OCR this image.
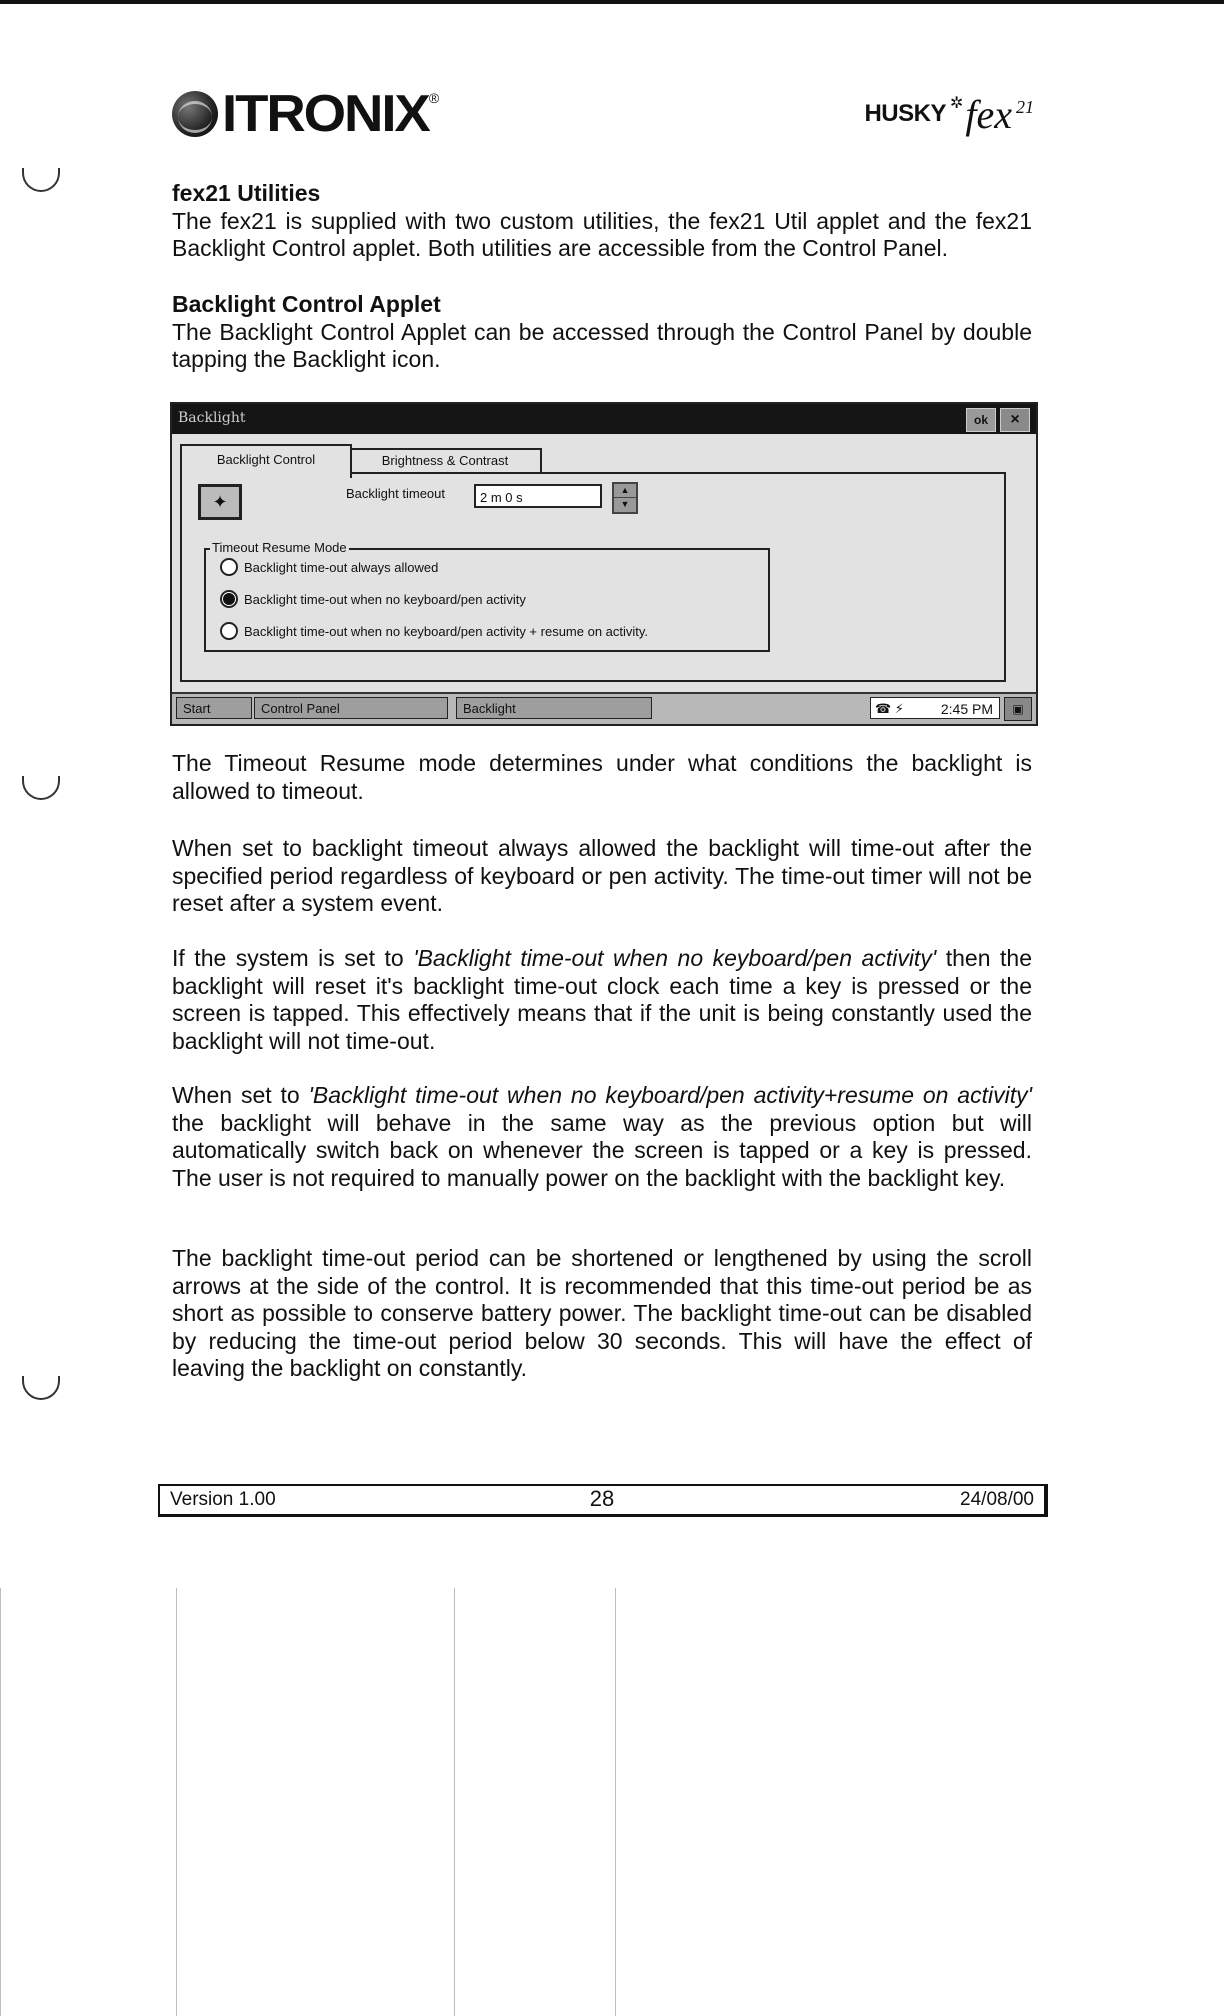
ITRONIX ®
HUSKY ✲ fex 21
fex21 Utilities

The fex21 is supplied with two custom utilities, the fex21 Util applet and the fex21 Backlight Control applet. Both utilities are accessible from the Control Panel.

Backlight Control Applet

The Backlight Control Applet can be accessed through the Control Panel by double tapping the Backlight icon.

Backlight	ok	×
Backlight Control	Brightness & Contrast
✦	Backlight timeout	2 m 0 s	▲
▼
Timeout Resume Mode
Backlight time-out always allowed
Backlight time-out when no keyboard/pen activity
Backlight time-out when no keyboard/pen activity + resume on activity.
Start	Control Panel	Backlight	☎ ⚡	2:45 PM	▣

The Timeout Resume mode determines under what conditions the backlight is allowed to timeout.

When set to backlight timeout always allowed the backlight will time-out after the specified period regardless of keyboard or pen activity. The time-out timer will not be reset after a system event.

If the system is set to 'Backlight time-out when no keyboard/pen activity' then the backlight will reset it's backlight time-out clock each time a key is pressed or the screen is tapped. This effectively means that if the unit is being constantly used the backlight will not time-out.

When set to 'Backlight time-out when no keyboard/pen activity+resume on activity' the backlight will behave in the same way as the previous option but will automatically switch back on whenever the screen is tapped or a key is pressed. The user is not required to manually power on the backlight with the backlight key.

The backlight time-out period can be shortened or lengthened by using the scroll arrows at the side of the control. It is recommended that this time-out period be as short as possible to conserve battery power. The backlight time-out can be disabled by reducing the time-out period below 30 seconds. This will have the effect of leaving the backlight on constantly.

Version 1.00	28	24/08/00
